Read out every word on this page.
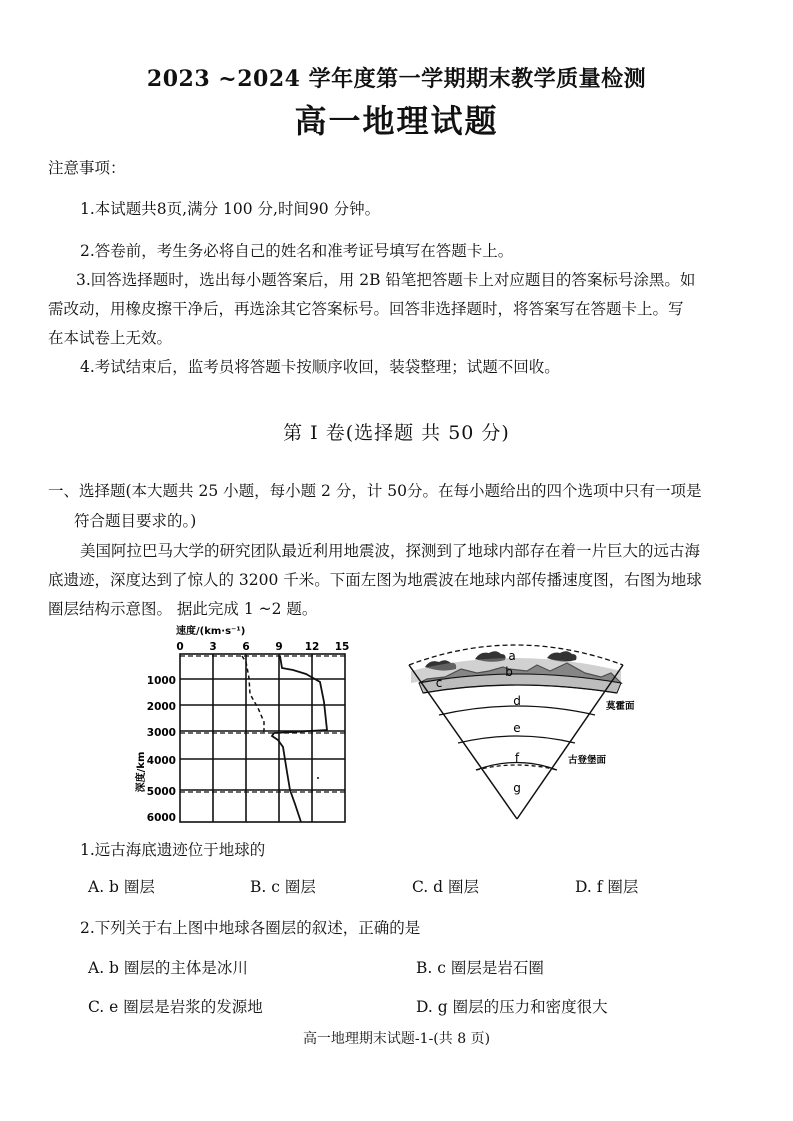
2023 ~2024 学年度第一学期期末教学质量检测
高一地理试题
注意事项：
1.本试题共8页,满分 100 分,时间90 分钟。
2.答卷前，考生务必将自己的姓名和准考证号填写在答题卡上。
3.回答选择题时，选出每小题答案后，用 2B 铅笔把答题卡上对应题目的答案标号涂黑。如
需改动，用橡皮擦干净后，再选涂其它答案标号。回答非选择题时，将答案写在答题卡上。写
在本试卷上无效。
4.考试结束后，监考员将答题卡按顺序收回，装袋整理；试题不回收。
第 Ⅰ 卷(选择题 共 50 分)
一、选择题(本大题共 25 小题，每小题 2 分，计 50分。在每小题给出的四个选项中只有一项是
符合题目要求的。)
美国阿拉巴马大学的研究团队最近利用地震波，探测到了地球内部存在着一片巨大的远古海
底遗迹，深度达到了惊人的 3200 千米。下面左图为地震波在地球内部传播速度图，右图为地球
圈层结构示意图。 据此完成 1 ~2 题。
速度/(km·s⁻¹)
0 3 6 9 12 15
1000
2000
3000
4000
5000
6000
深度/km
a
b
c
d
e
f
g
莫霍面
古登堡面
1.远古海底遗迹位于地球的
A. b 圈层	B. c 圈层	C. d 圈层	D. f 圈层
2.下列关于右上图中地球各圈层的叙述，正确的是
A. b 圈层的主体是冰川	B. c 圈层是岩石圈
C. e 圈层是岩浆的发源地	D. g 圈层的压力和密度很大
高一地理期末试题-1-(共 8 页)
